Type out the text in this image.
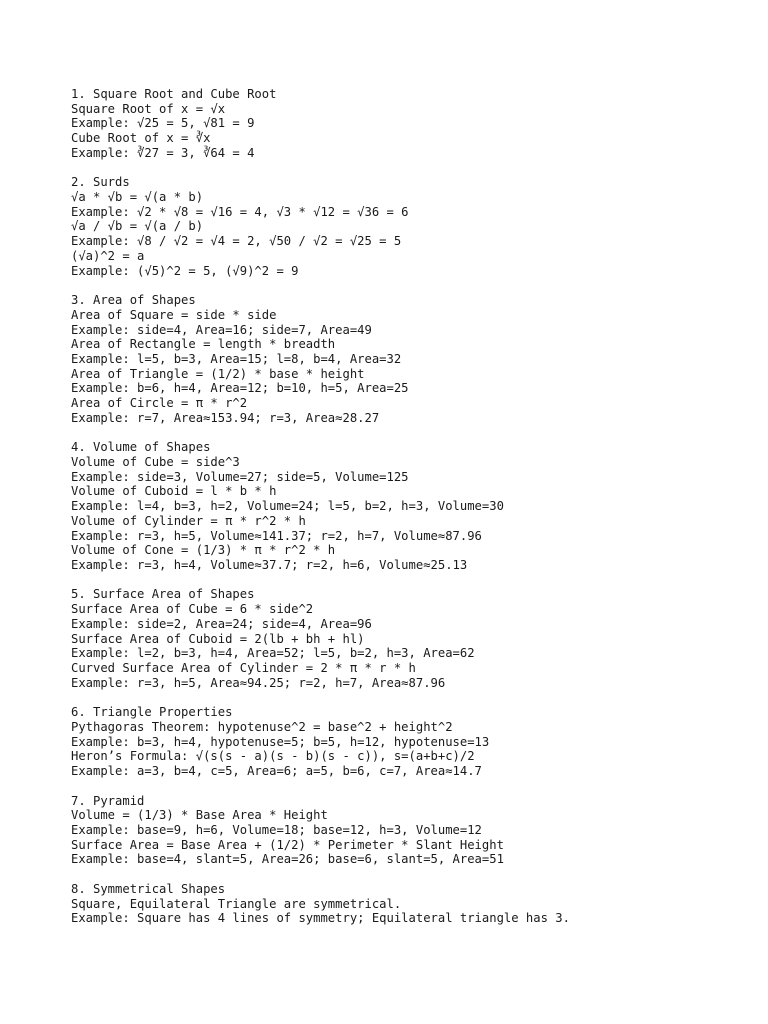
1. Square Root and Cube Root
Square Root of x = √x
Example: √25 = 5, √81 = 9
Cube Root of x = ∛x
Example: ∛27 = 3, ∛64 = 4
2. Surds
√a * √b = √(a * b)
Example: √2 * √8 = √16 = 4, √3 * √12 = √36 = 6
√a / √b = √(a / b)
Example: √8 / √2 = √4 = 2, √50 / √2 = √25 = 5
(√a)^2 = a
Example: (√5)^2 = 5, (√9)^2 = 9
3. Area of Shapes
Area of Square = side * side
Example: side=4, Area=16; side=7, Area=49
Area of Rectangle = length * breadth
Example: l=5, b=3, Area=15; l=8, b=4, Area=32
Area of Triangle = (1/2) * base * height
Example: b=6, h=4, Area=12; b=10, h=5, Area=25
Area of Circle = π * r^2
Example: r=7, Area≈153.94; r=3, Area≈28.27
4. Volume of Shapes
Volume of Cube = side^3
Example: side=3, Volume=27; side=5, Volume=125
Volume of Cuboid = l * b * h
Example: l=4, b=3, h=2, Volume=24; l=5, b=2, h=3, Volume=30
Volume of Cylinder = π * r^2 * h
Example: r=3, h=5, Volume≈141.37; r=2, h=7, Volume≈87.96
Volume of Cone = (1/3) * π * r^2 * h
Example: r=3, h=4, Volume≈37.7; r=2, h=6, Volume≈25.13
5. Surface Area of Shapes
Surface Area of Cube = 6 * side^2
Example: side=2, Area=24; side=4, Area=96
Surface Area of Cuboid = 2(lb + bh + hl)
Example: l=2, b=3, h=4, Area=52; l=5, b=2, h=3, Area=62
Curved Surface Area of Cylinder = 2 * π * r * h
Example: r=3, h=5, Area≈94.25; r=2, h=7, Area≈87.96
6. Triangle Properties
Pythagoras Theorem: hypotenuse^2 = base^2 + height^2
Example: b=3, h=4, hypotenuse=5; b=5, h=12, hypotenuse=13
Heron’s Formula: √(s(s - a)(s - b)(s - c)), s=(a+b+c)/2
Example: a=3, b=4, c=5, Area=6; a=5, b=6, c=7, Area≈14.7
7. Pyramid
Volume = (1/3) * Base Area * Height
Example: base=9, h=6, Volume=18; base=12, h=3, Volume=12
Surface Area = Base Area + (1/2) * Perimeter * Slant Height
Example: base=4, slant=5, Area=26; base=6, slant=5, Area=51
8. Symmetrical Shapes
Square, Equilateral Triangle are symmetrical.
Example: Square has 4 lines of symmetry; Equilateral triangle has 3.
